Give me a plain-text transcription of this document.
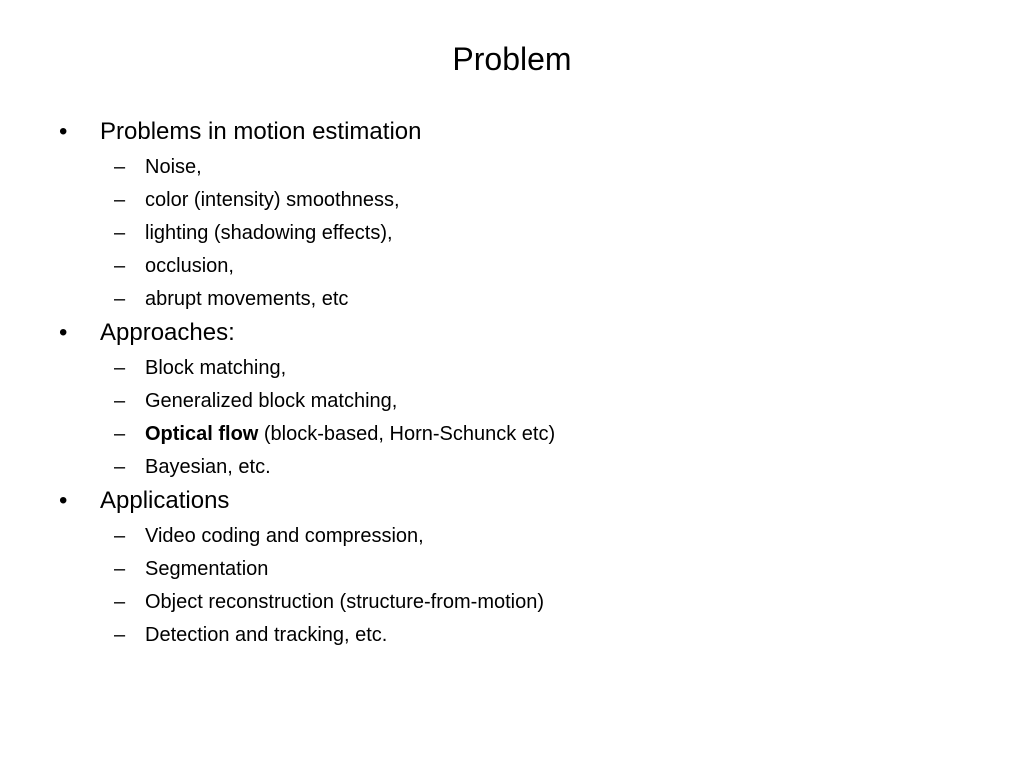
Problem
• Problems in motion estimation
– Noise,
– color (intensity) smoothness,
– lighting (shadowing effects),
– occlusion,
– abrupt movements, etc
• Approaches:
– Block matching,
– Generalized block matching,
– Optical flow (block-based, Horn-Schunck etc)
– Bayesian, etc.
• Applications
– Video coding and compression,
– Segmentation
– Object reconstruction (structure-from-motion)
– Detection and tracking, etc.
